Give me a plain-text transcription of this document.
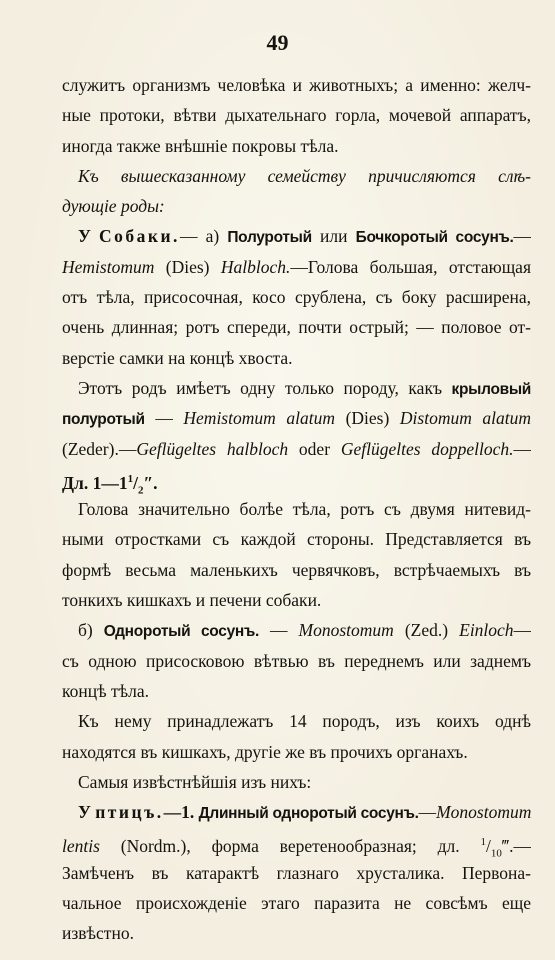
49
служитъ организмъ человѣка и животныхъ; а именно: желч-
ные протоки, вѣтви дыхательнаго горла, мочевой аппаратъ,
иногда также внѣшніе покровы тѣла.
Къ вышесказанному семейству причисляются слѣ-
дующіе роды:
У Собаки.— а) Полуротый или Бочкоротый сосунъ.—
Hemistomum (Dies) Halbloch.—Голова большая, отстающая
отъ тѣла, присосочная, косо срублена, съ боку расширена,
очень длинная; ротъ спереди, почти острый; — половое от-
верстіе самки на концѣ хвоста.
Этотъ родъ имѣетъ одну только породу, какъ крыловый
полуротый — Hemistomum alatum (Dies) Distomum alatum
(Zeder).—Geflügeltes halbloch oder Geflügeltes doppelloch.—
Дл. $1—1^1/_2''$.
Голова значительно болѣе тѣла, ротъ съ двумя нитевид-
ными отростками съ каждой стороны. Представляется въ
формѣ весьма маленькихъ червячковъ, встрѣчаемыхъ въ
тонкихъ кишкахъ и печени собаки.
б) Одноротый сосунъ. — Monostomum (Zed.) Einloch—
съ одною присосковою вѣтвью въ переднемъ или заднемъ
концѣ тѣла.
Къ нему принадлежатъ 14 породъ, изъ коихъ однѣ
находятся въ кишкахъ, другіе же въ прочихъ органахъ.
Самыя извѣстнѣйшія изъ нихъ:
У птицъ.—1. Длинный одноротый сосунъ.—Monostomum
lentis (Nordm.), форма веретенообразная; дл. $^1/_{10}‴.—$
Замѣченъ въ катарактѣ глазнаго хрусталика. Первона-
чальное происхожденіе этаго паразита не совсѣмъ еще
извѣстно.
